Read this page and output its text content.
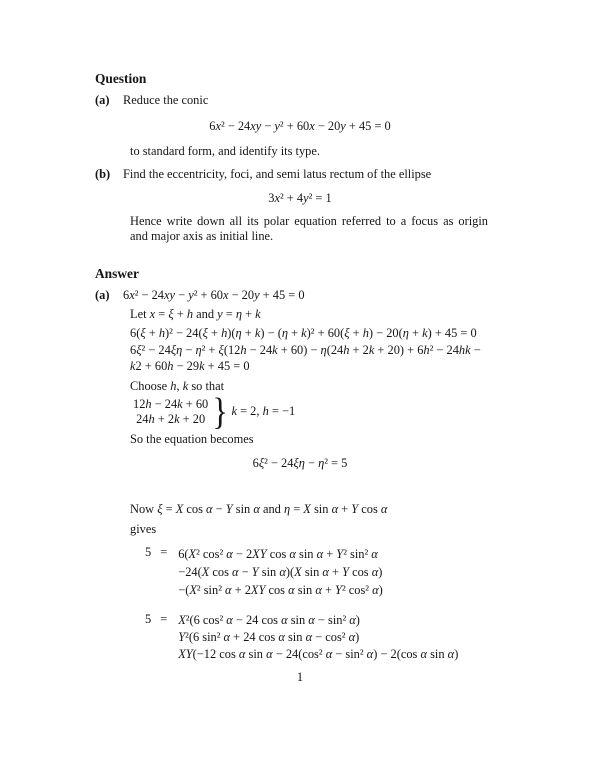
Question

(a)	Reduce the conic
6x² − 24xy − y² + 60x − 20y + 45 = 0
to standard form, and identify its type.
(b)	Find the eccentricity, foci, and semi latus rectum of the ellipse
3x² + 4y² = 1
Hence write down all its polar equation referred to a focus as origin
and major axis as initial line.

Answer

(a)	6x² − 24xy − y² + 60x − 20y + 45 = 0
Let x = ξ + h and y = η + k
6(ξ + h)² − 24(ξ + h)(η + k) − (η + k)² + 60(ξ + h) − 20(η + k) + 45 = 0
6ξ² − 24ξη − η² + ξ(12h − 24k + 60) − η(24h + 2k + 20) + 6h² − 24hk −
k2 + 60h − 29k + 45 = 0
Choose h, k so that
12h − 24k + 60
24h + 2k + 20 } k = 2, h = −1
So the equation becomes
6ξ² − 24ξη − η² = 5
Now ξ = X cos α − Y sin α and η = X sin α + Y cos α
gives
5 = 6(X² cos² α − 2XY cos α sin α + Y² sin² α
−24(X cos α − Y sin α)(X sin α + Y cos α)
−(X² sin² α + 2XY cos α sin α + Y² cos² α)
5 = X²(6 cos² α − 24 cos α sin α − sin² α)
Y²(6 sin² α + 24 cos α sin α − cos² α)
XY(−12 cos α sin α − 24(cos² α − sin² α) − 2(cos α sin α)
1
